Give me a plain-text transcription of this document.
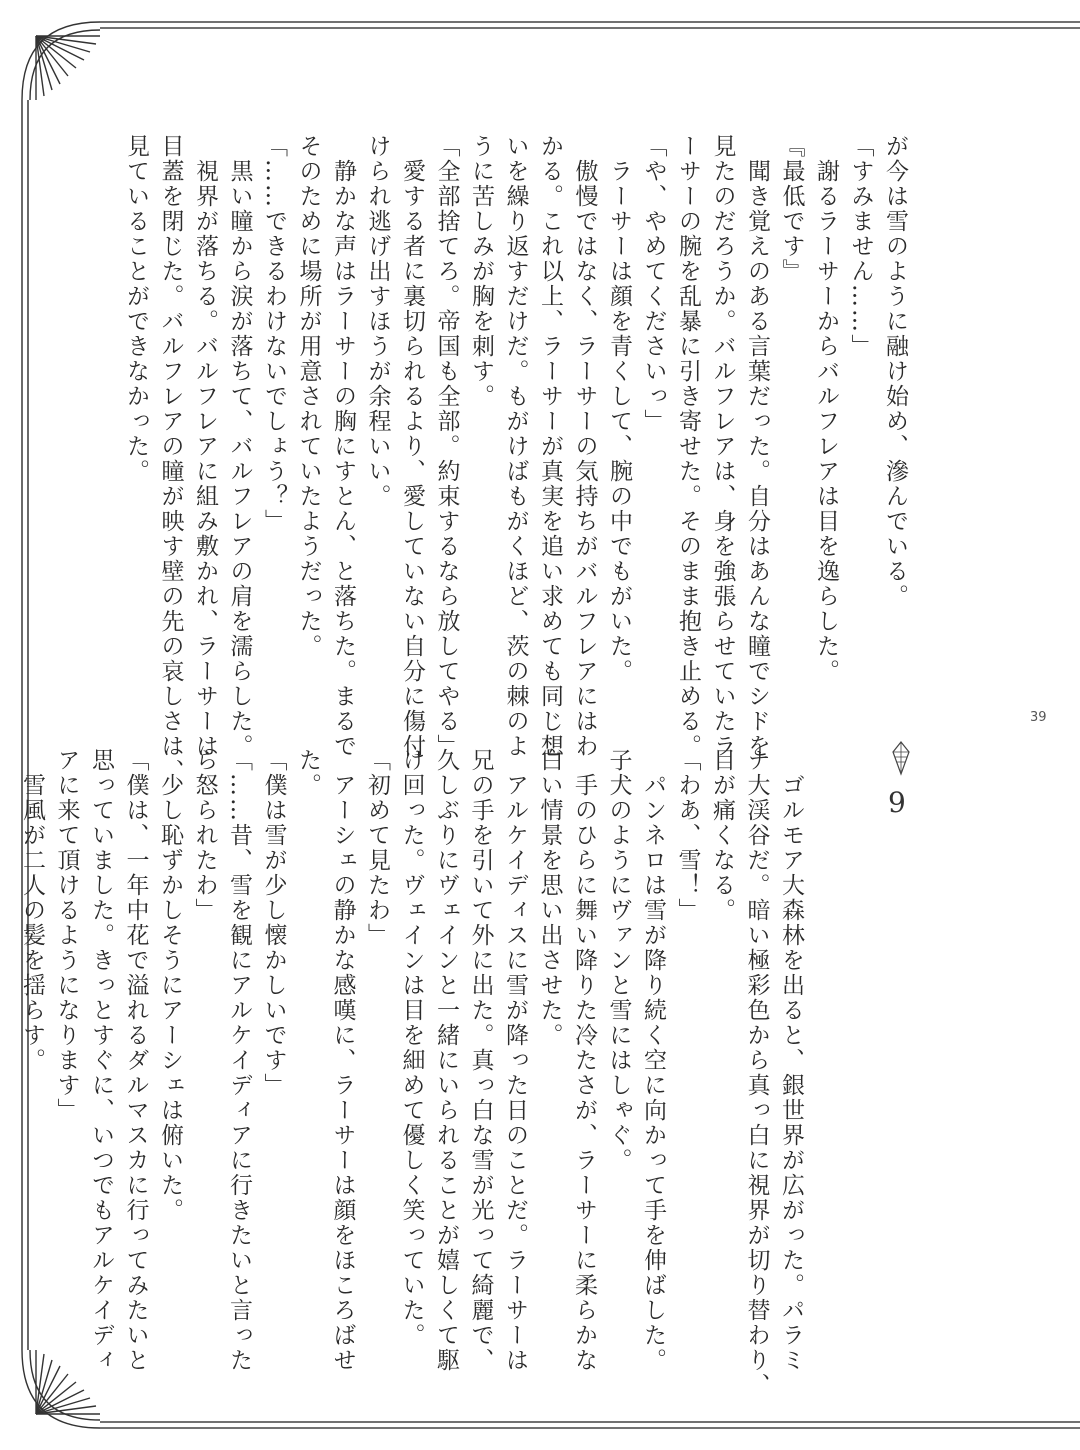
が今は雪のように融け始め、滲んでいる。
「すみません……」
　謝るラーサーからバルフレアは目を逸らした。
『最低です』
　聞き覚えのある言葉だった。自分はあんな瞳でシドを
見たのだろうか。バルフレアは、身を強張らせていたラ
ーサーの腕を乱暴に引き寄せた。そのまま抱き止める。
「や、やめてくださいっ」
　ラーサーは顔を青くして、腕の中でもがいた。
　傲慢ではなく、ラーサーの気持ちがバルフレアにはわ
かる。これ以上、ラーサーが真実を追い求めても同じ想
いを繰り返すだけだ。もがけばもがくほど、茨の棘のよ
うに苦しみが胸を刺す。
「全部捨てろ。帝国も全部。約束するなら放してやる」
　愛する者に裏切られるより、愛していない自分に傷付
けられ逃げ出すほうが余程いい。
　静かな声はラーサーの胸にすとん、と落ちた。まるで
そのために場所が用意されていたようだった。
「……できるわけないでしょう？」
　黒い瞳から涙が落ちて、バルフレアの肩を濡らした。
　視界が落ちる。バルフレアに組み敷かれ、ラーサーは
目蓋を閉じた。バルフレアの瞳が映す壁の先の哀しさは、
見ていることができなかった。
9
　ゴルモア大森林を出ると、銀世界が広がった。パラミ
ナ大渓谷だ。暗い極彩色から真っ白に視界が切り替わり、
目が痛くなる。
「わあ、雪！」
　パンネロは雪が降り続く空に向かって手を伸ばした。
子犬のようにヴァンと雪にはしゃぐ。
　手のひらに舞い降りた冷たさが、ラーサーに柔らかな
白い情景を思い出させた。
　アルケイディスに雪が降った日のことだ。ラーサーは
兄の手を引いて外に出た。真っ白な雪が光って綺麗で、
久しぶりにヴェインと一緒にいられることが嬉しくて駆
け回った。ヴェインは目を細めて優しく笑っていた。
「初めて見たわ」
　アーシェの静かな感嘆に、ラーサーは顔をほころばせ
た。
「僕は雪が少し懐かしいです」
「……昔、雪を観にアルケイディアに行きたいと言った
ら怒られたわ」
　少し恥ずかしそうにアーシェは俯いた。
「僕は、一年中花で溢れるダルマスカに行ってみたいと
思っていました。きっとすぐに、いつでもアルケイディ
アに来て頂けるようになります」
　雪風が二人の髪を揺らす。
39
